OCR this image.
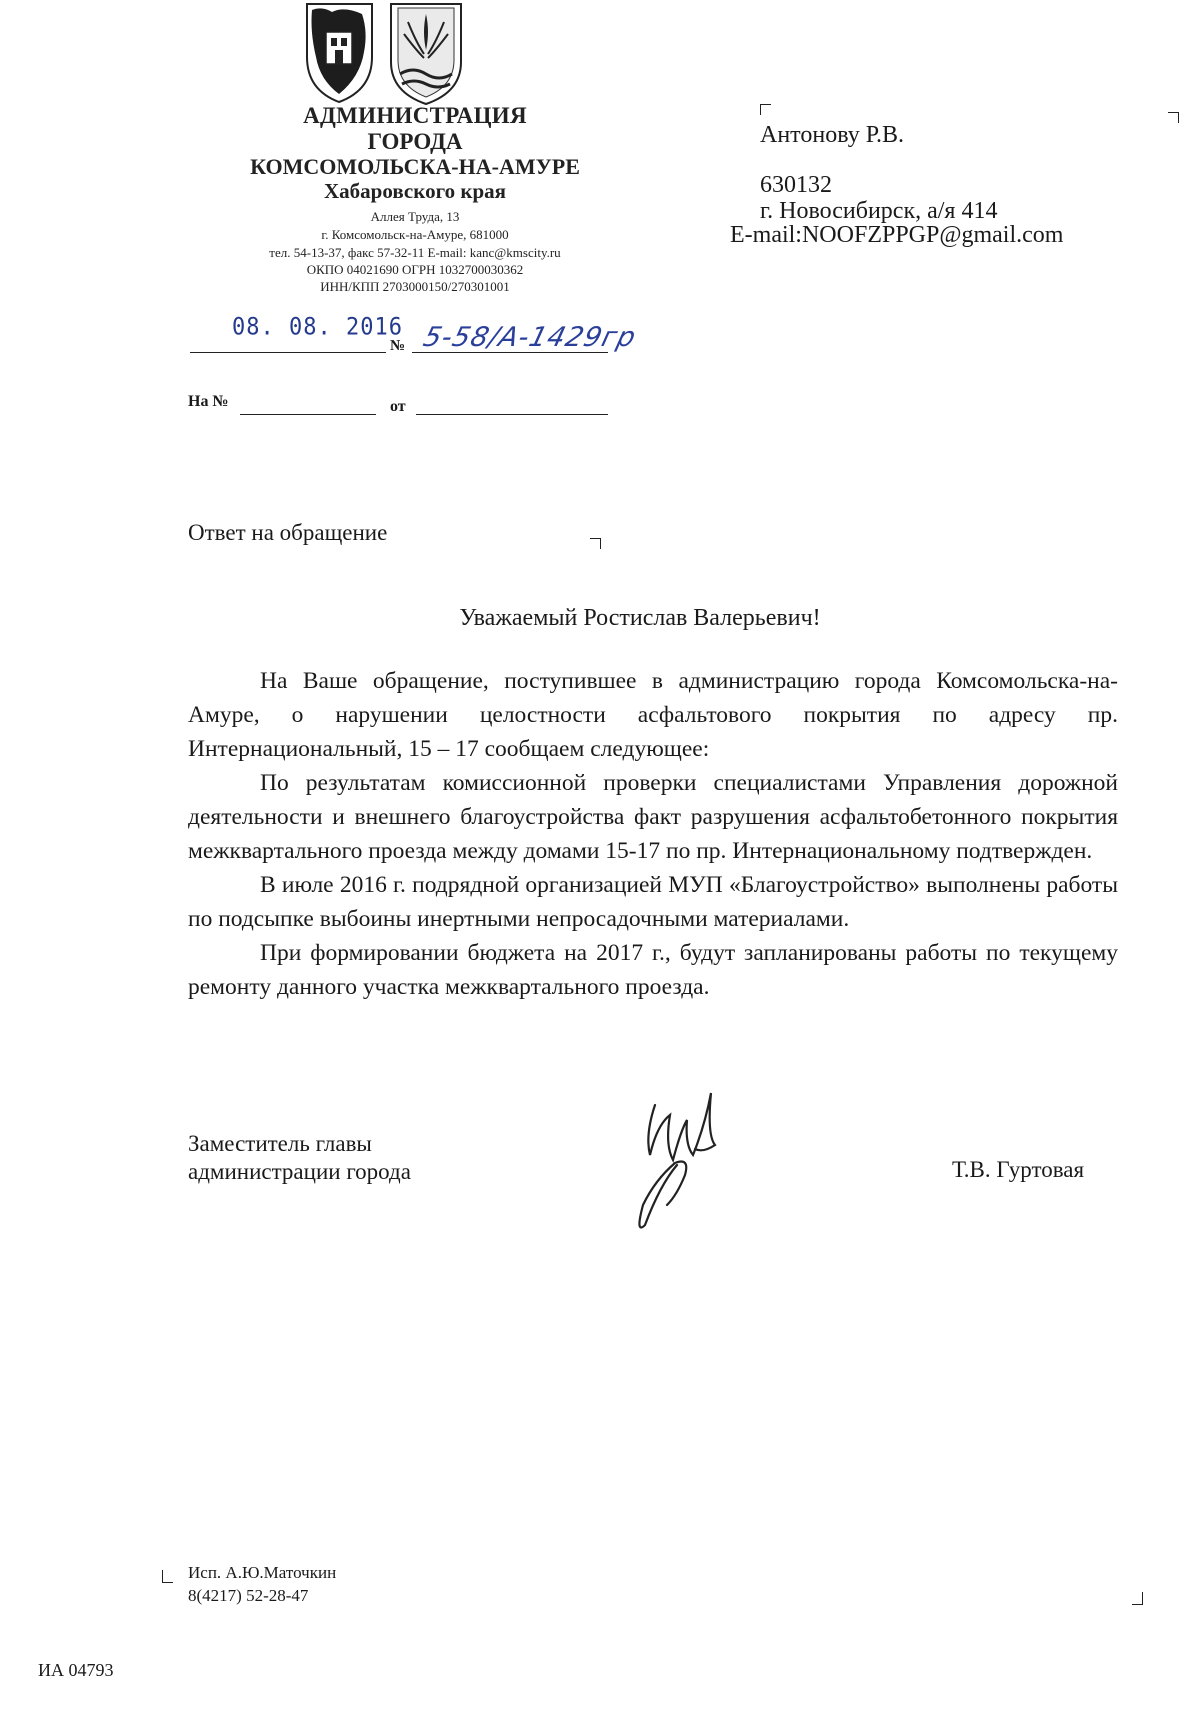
АДМИНИСТРАЦИЯ
ГОРОДА
КОМСОМОЛЬСКА-НА-АМУРЕ
Хабаровского края
Аллея Труда, 13
г. Комсомольск-на-Амуре, 681000
тел. 54-13-37, факс 57-32-11 E-mail: kanc@kmscity.ru
ОКПО 04021690 ОГРН 1032700030362
ИНН/КПП 2703000150/270301001
08. 08. 2016
№ 5-58/А-1429гр
На №	от
Антонову Р.В.
630132
г. Новосибирск, а/я 414
E-mail:NOOFZPPGP@gmail.com
Ответ на обращение
Уважаемый Ростислав Валерьевич!

На Ваше обращение, поступившее в администрацию города Комсомольска-на-Амуре, о нарушении целостности асфальтового покрытия по адресу пр. Интернациональный, 15 – 17 сообщаем следующее:

По результатам комиссионной проверки специалистами Управления дорожной деятельности и внешнего благоустройства факт разрушения асфальтобетонного покрытия межквартального проезда между домами 15-17 по пр. Интернациональному подтвержден.

В июле 2016 г. подрядной организацией МУП «Благоустройство» выполнены работы по подсыпке выбоины инертными непросадочными материалами.

При формировании бюджета на 2017 г., будут запланированы работы по текущему ремонту данного участка межквартального проезда.

Заместитель главы
администрации города	Т.В. Гуртовая
Исп. А.Ю.Маточкин
8(4217) 52-28-47
ИА 04793
